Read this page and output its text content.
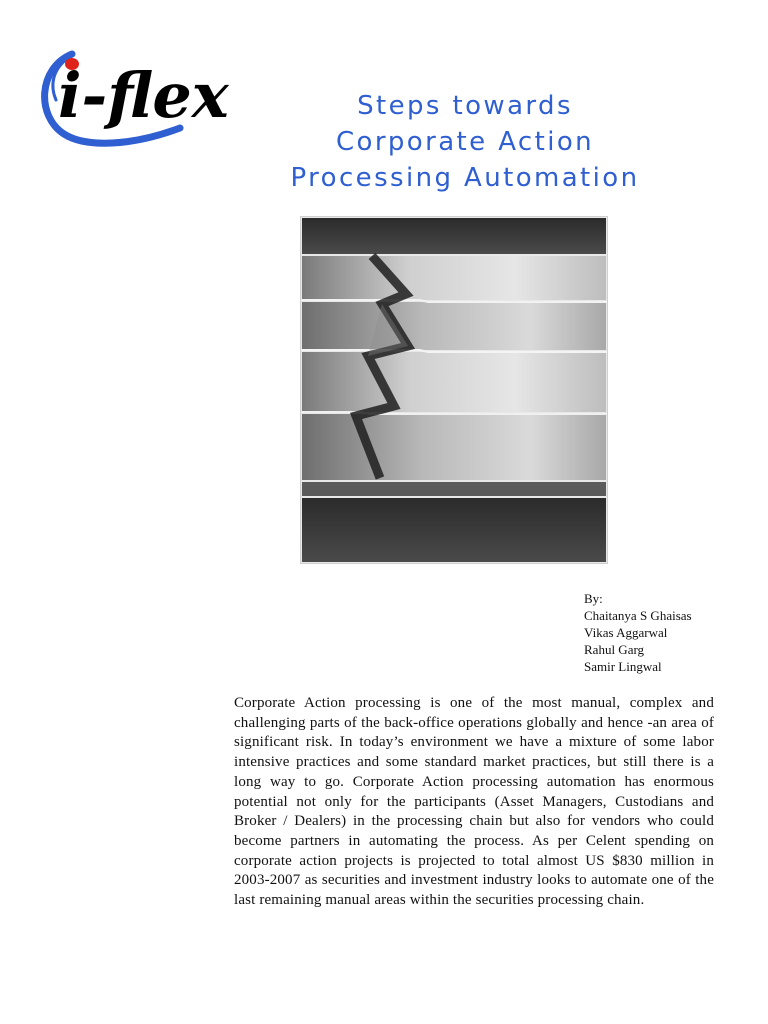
i-flex	Steps towards
Corporate Action
Processing Automation
By:
Chaitanya S Ghaisas
Vikas Aggarwal
Rahul Garg
Samir Lingwal
Corporate Action processing is one of the most manual, complex and challenging parts of the back-office operations globally and hence -an area of significant risk. In today’s environment we have a mixture of some labor intensive practices and some standard market practices, but still there is a long way to go. Corporate Action processing automation has enormous potential not only for the participants (Asset Managers, Custodians and Broker / Dealers) in the processing chain but also for vendors who could become partners in automating the process. As per Celent spending on corporate action projects is projected to total almost US $830 million in 2003-2007 as securities and investment industry looks to automate one of the last remaining manual areas within the securities processing chain.
